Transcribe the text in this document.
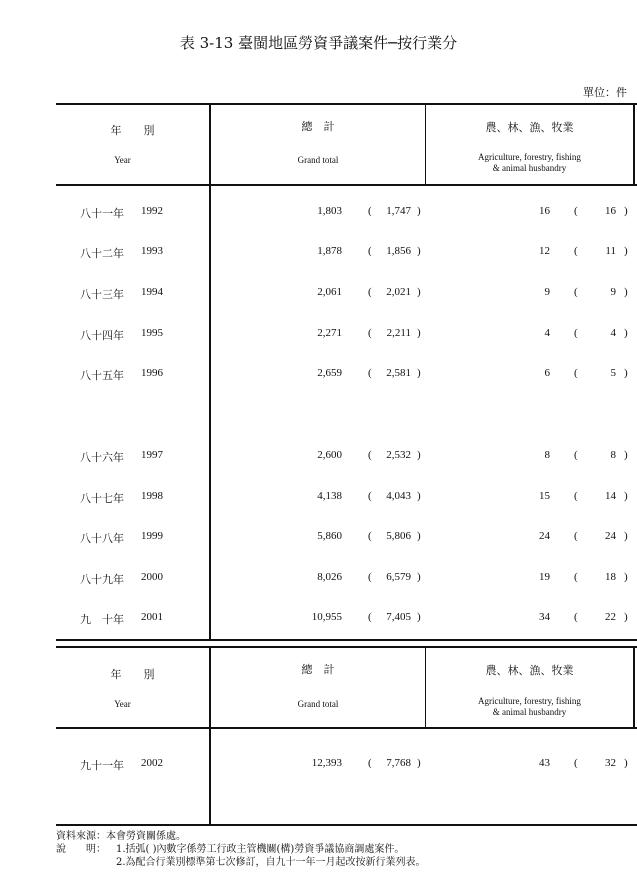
表 3-13 臺閩地區勞資爭議案件─按行業分
單位：件
年　　別
Year
總　計
Grand total
農、林、漁、牧業
Agriculture, forestry, fishing
& animal husbandry
年　　別
Year
總　計
Grand total
農、林、漁、牧業
Agriculture, forestry, fishing
& animal husbandry
八十一年 1992	1,803 (	1,747 )	16 (	16 )
八十二年 1993	1,878 (	1,856 )	12 (	11 )
八十三年 1994	2,061 (	2,021 )	9 (	9 )
八十四年 1995	2,271 (	2,211 )	4 (	4 )
八十五年 1996	2,659 (	2,581 )	6 (	5 )
八十六年 1997	2,600 (	2,532 )	8 (	8 )
八十七年 1998	4,138 (	4,043 )	15 (	14 )
八十八年 1999	5,860 (	5,806 )	24 (	24 )
八十九年 2000	8,026 (	6,579 )	19 (	18 )
九　十年 2001	10,955 (	7,405 )	34 (	22 )
九十一年 2002	12,393 (	7,768 )	43 (	32 )
資料來源：本會勞資關係處。
說　　明： 1.括弧( )內數字係勞工行政主管機關(構)勞資爭議協商調處案件。
2.為配合行業別標準第七次修訂，自九十一年一月起改按新行業列表。
